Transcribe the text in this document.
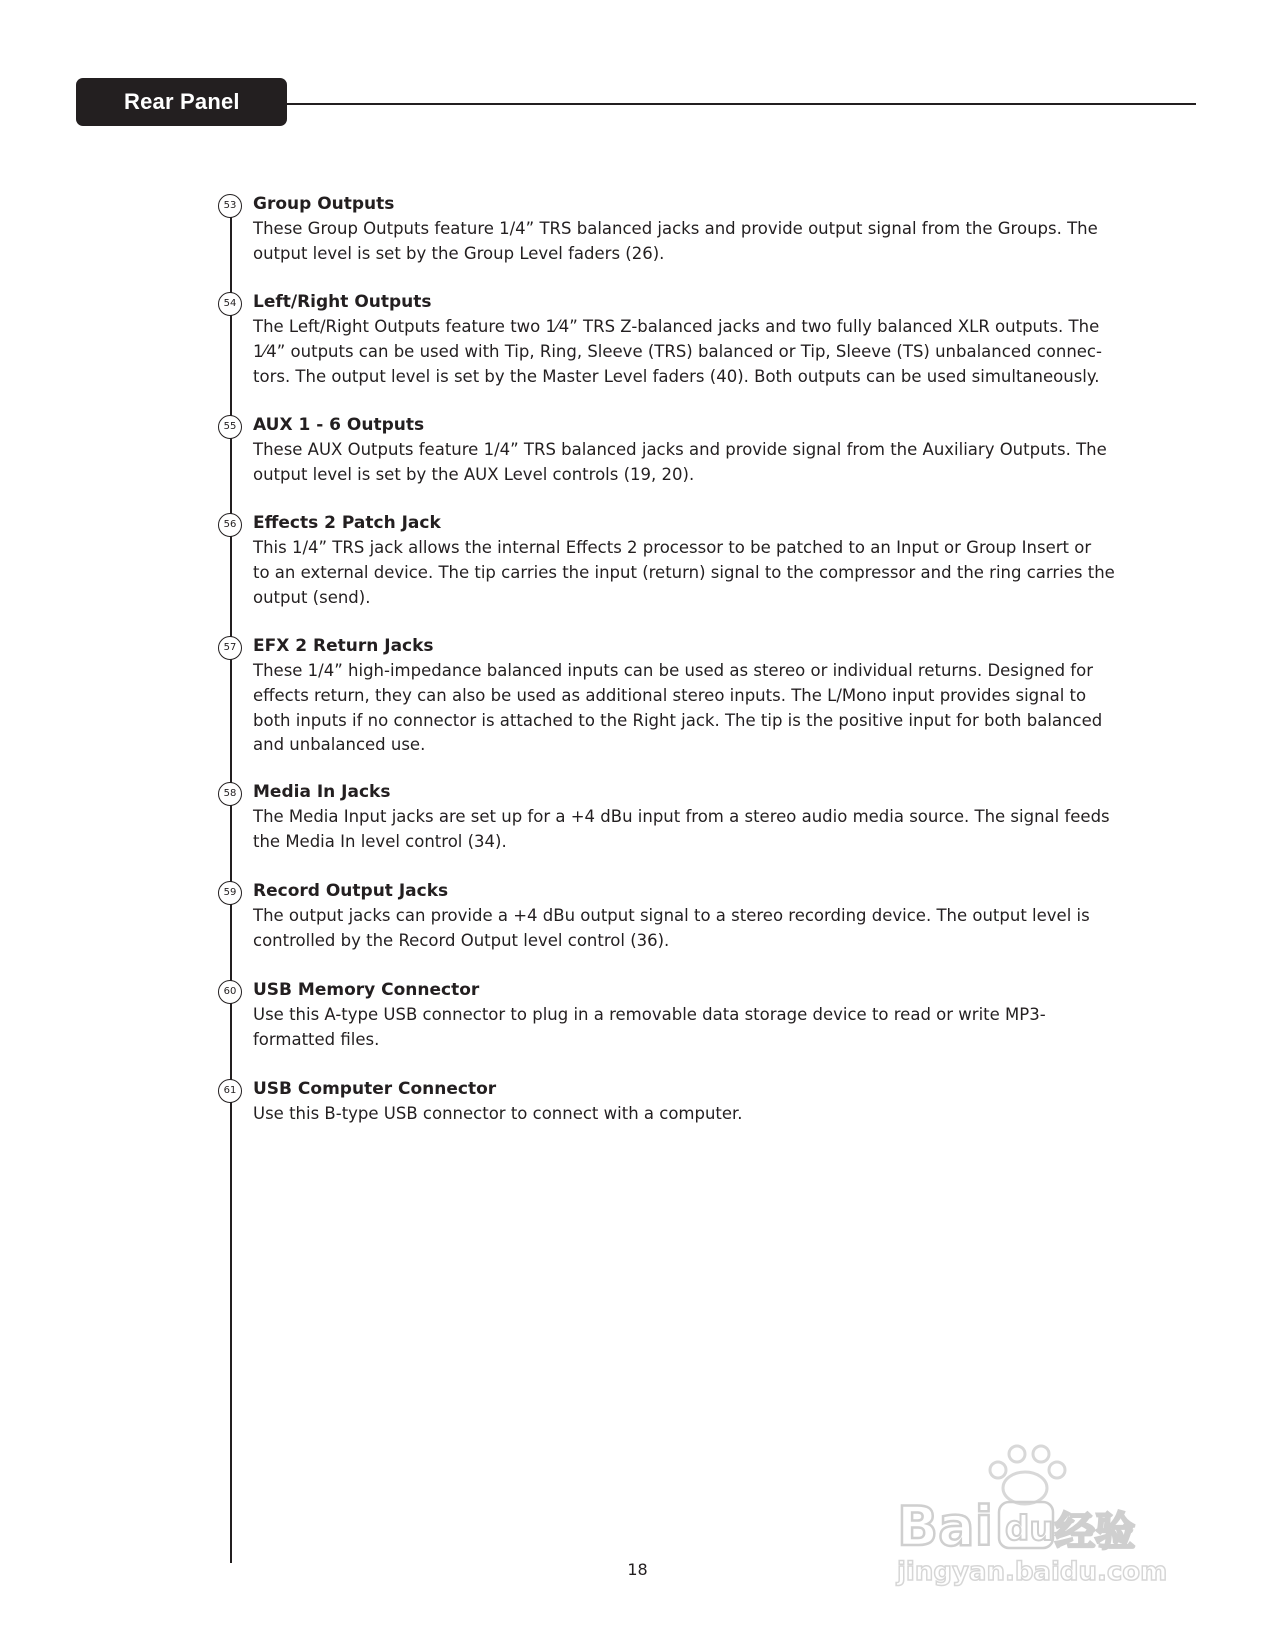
Rear Panel
53 Group Outputs
These Group Outputs feature 1/4” TRS balanced jacks and provide output signal from the Groups. The
output level is set by the Group Level faders (26).
54 Left/Right Outputs
The Left/Right Outputs feature two 1⁄4” TRS Z-balanced jacks and two fully balanced XLR outputs. The
1⁄4” outputs can be used with Tip, Ring, Sleeve (TRS) balanced or Tip, Sleeve (TS) unbalanced connec-
tors. The output level is set by the Master Level faders (40). Both outputs can be used simultaneously.
55 AUX 1 - 6 Outputs
These AUX Outputs feature 1/4” TRS balanced jacks and provide signal from the Auxiliary Outputs. The
output level is set by the AUX Level controls (19, 20).
56 Effects 2 Patch Jack
This 1/4” TRS jack allows the internal Effects 2 processor to be patched to an Input or Group Insert or
to an external device. The tip carries the input (return) signal to the compressor and the ring carries the
output (send).
57 EFX 2 Return Jacks
These 1/4” high-impedance balanced inputs can be used as stereo or individual returns. Designed for
effects return, they can also be used as additional stereo inputs. The L/Mono input provides signal to
both inputs if no connector is attached to the Right jack. The tip is the positive input for both balanced
and unbalanced use.
58 Media In Jacks
The Media Input jacks are set up for a +4 dBu input from a stereo audio media source. The signal feeds
the Media In level control (34).
59 Record Output Jacks
The output jacks can provide a +4 dBu output signal to a stereo recording device. The output level is
controlled by the Record Output level control (36).
60 USB Memory Connector
Use this A-type USB connector to plug in a removable data storage device to read or write MP3-
formatted files.
61 USB Computer Connector
Use this B-type USB connector to connect with a computer.
18
Bai 经验
du
jingyan.baidu.com
